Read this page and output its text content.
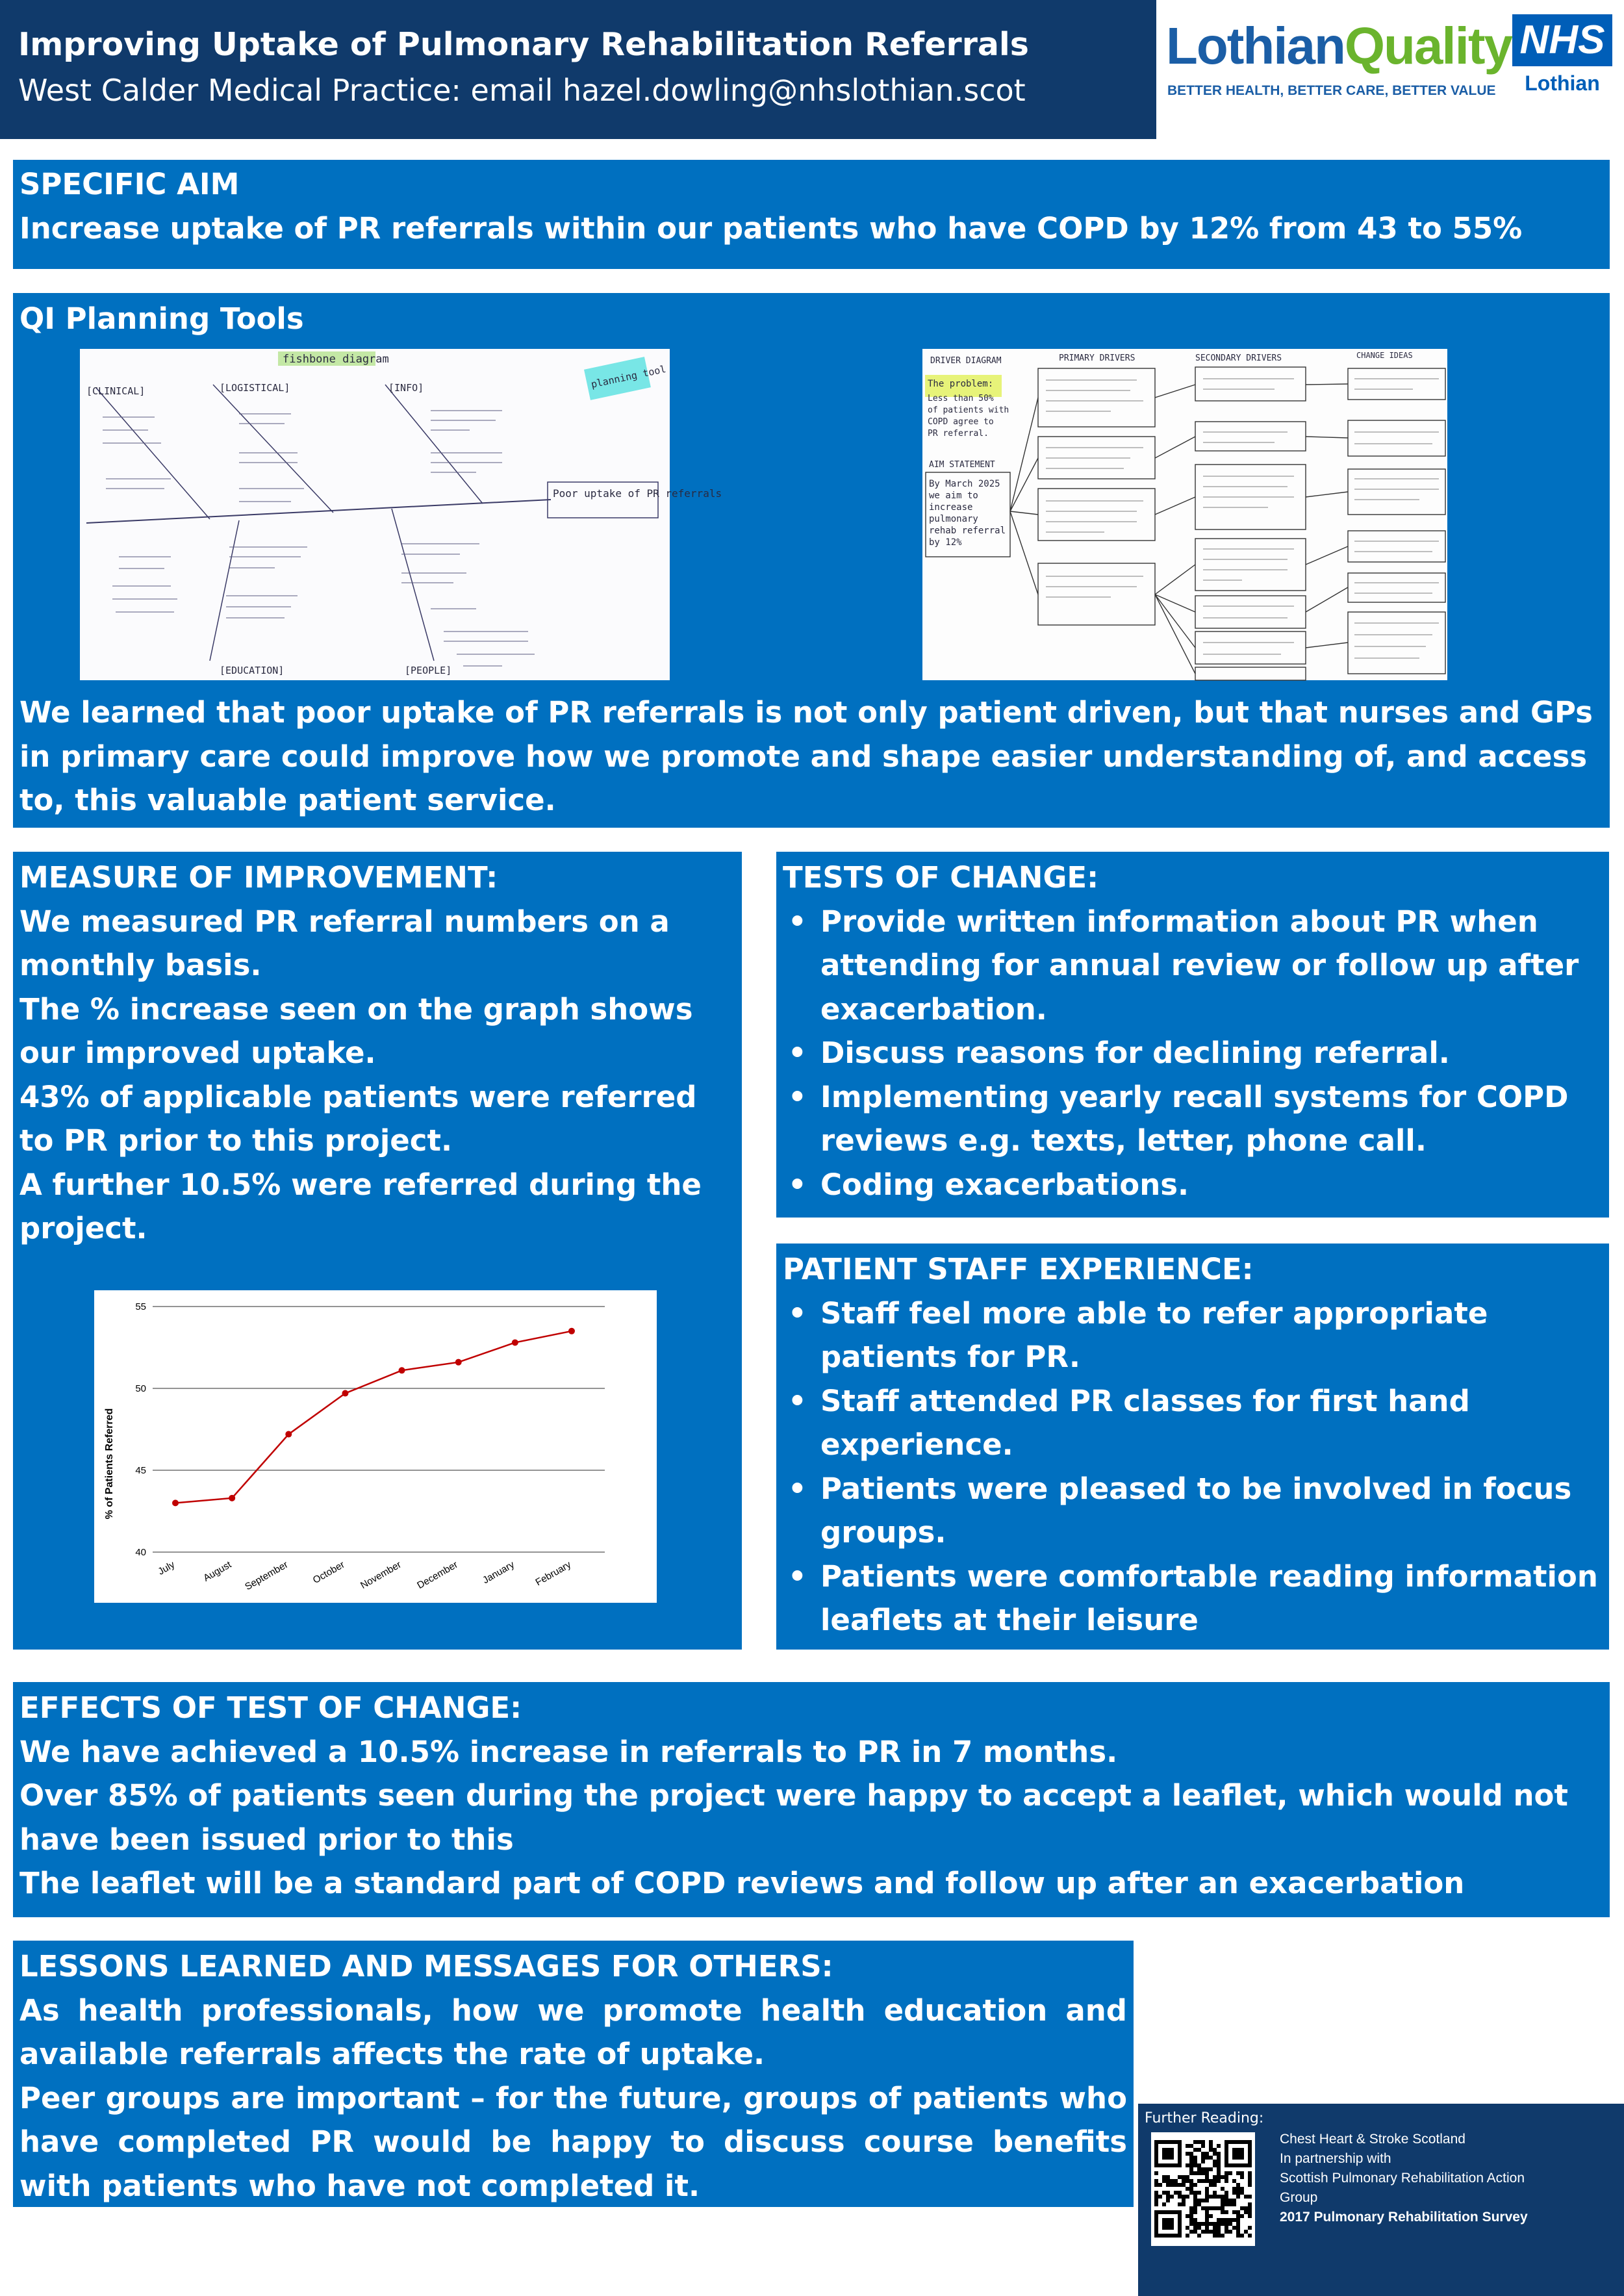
Improving Uptake of Pulmonary Rehabilitation Referrals
West Calder Medical Practice: email hazel.dowling@nhslothian.scot
LothianQuality
BETTER HEALTH, BETTER CARE, BETTER VALUE
NHS
Lothian
SPECIFIC AIM
Increase uptake of PR referrals within our patients who have COPD by 12% from 43 to 55%
QI Planning Tools
fishbone diagram
planning tool
Poor uptake of PR referrals
[CLINICAL]	[LOGISTICAL]	[INFO]
[EDUCATION]	[PEOPLE]
DRIVER DIAGRAM	PRIMARY DRIVERS	SECONDARY DRIVERS	CHANGE IDEAS
The problem:
Less than 50%
of patients with
COPD agree to
PR referral.
AIM STATEMENT
By March 2025
we aim to
increase
pulmonary
rehab referral
by 12%

We learned that poor uptake of PR referrals is not only patient driven, but that nurses and GPs in primary care could improve how we promote and shape easier understanding of, and access to, this valuable patient service.

MEASURE OF IMPROVEMENT:

We measured PR referral numbers on a monthly basis.

The % increase seen on the graph shows our improved uptake.

43% of applicable patients were referred to PR prior to this project.

A further 10.5% were referred during the project.

40
45
50
55
July	August September October November December January February
% of Patients Referred
TESTS OF CHANGE:
• Provide written information about PR when attending for annual review or follow up after exacerbation.
• Discuss reasons for declining referral.
• Implementing yearly recall systems for COPD reviews e.g. texts, letter, phone call.
• Coding exacerbations.
PATIENT STAFF EXPERIENCE:
• Staff feel more able to refer appropriate patients for PR.
• Staff attended PR classes for first hand experience.
• Patients were pleased to be involved in focus groups.
• Patients were comfortable reading information leaflets at their leisure
EFFECTS OF TEST OF CHANGE:

We have achieved a 10.5% increase in referrals to PR in 7 months.

Over 85% of patients seen during the project were happy to accept a leaflet, which would not have been issued prior to this

The leaflet will be a standard part of COPD reviews and follow up after an exacerbation

LESSONS LEARNED AND MESSAGES FOR OTHERS:

As health professionals, how we promote health education and available referrals affects the rate of uptake.

Peer groups are important – for the future, groups of patients who have completed PR would be happy to discuss course benefits with patients who have not completed it.

Further Reading:
Chest Heart & Stroke Scotland
In partnership with
Scottish Pulmonary Rehabilitation Action
Group
2017 Pulmonary Rehabilitation Survey
